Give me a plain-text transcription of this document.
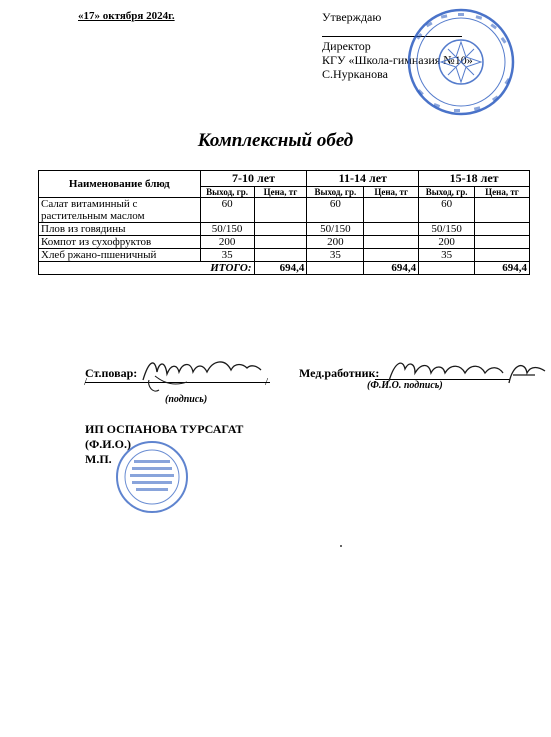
«17» октября 2024г.	Утверждаю
Директор
КГУ «Школа-гимназия №10»
С.Нурканова
Комплексный обед
Наименование блюд	7-10 лет		11-14 лет		15-18 лет	
	Выход, гр.	Цена, тг	Выход, гр.	Цена, тг	Выход, гр.	Цена, тг
Салат витаминный с растительным маслом	60		60		60	
Плов из говядины	50/150		50/150		50/150	
Компот из сухофруктов	200		200		200	
Хлеб ржано-пшеничный	35		35		35	
ИТОГО:		694,4		694,4		694,4
Ст.повар:
/	/
(подпись)
Мед.работник:
(Ф.И.О. подпись)
ИП ОСПАНОВА ТУРСАГАТ
(Ф.И.О.)
М.П.
